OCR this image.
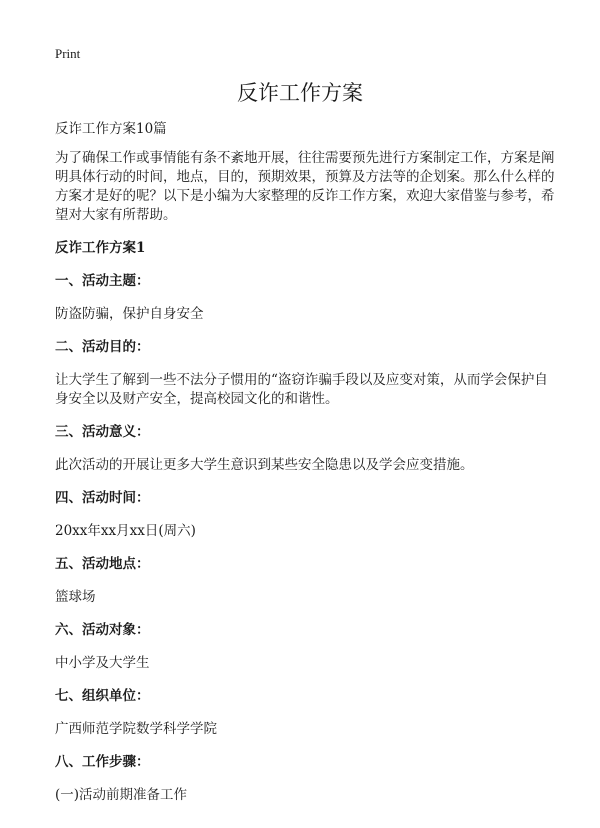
Print
反诈工作方案

反诈工作方案10篇

为了确保工作或事情能有条不紊地开展，往往需要预先进行方案制定工作，方案是阐明具体行动的时间，地点，目的，预期效果，预算及方法等的企划案。那么什么样的方案才是好的呢？以下是小编为大家整理的反诈工作方案，欢迎大家借鉴与参考，希望对大家有所帮助。

反诈工作方案1

一、活动主题：

防盗防骗，保护自身安全

二、活动目的：

让大学生了解到一些不法分子惯用的“盗窃诈骗手段以及应变对策，从而学会保护自身安全以及财产安全，提高校园文化的和谐性。

三、活动意义：

此次活动的开展让更多大学生意识到某些安全隐患以及学会应变措施。

四、活动时间：

20xx年xx月xx日(周六)

五、活动地点：

篮球场

六、活动对象：

中小学及大学生

七、组织单位：

广西师范学院数学科学学院

八、工作步骤：

(一)活动前期准备工作
